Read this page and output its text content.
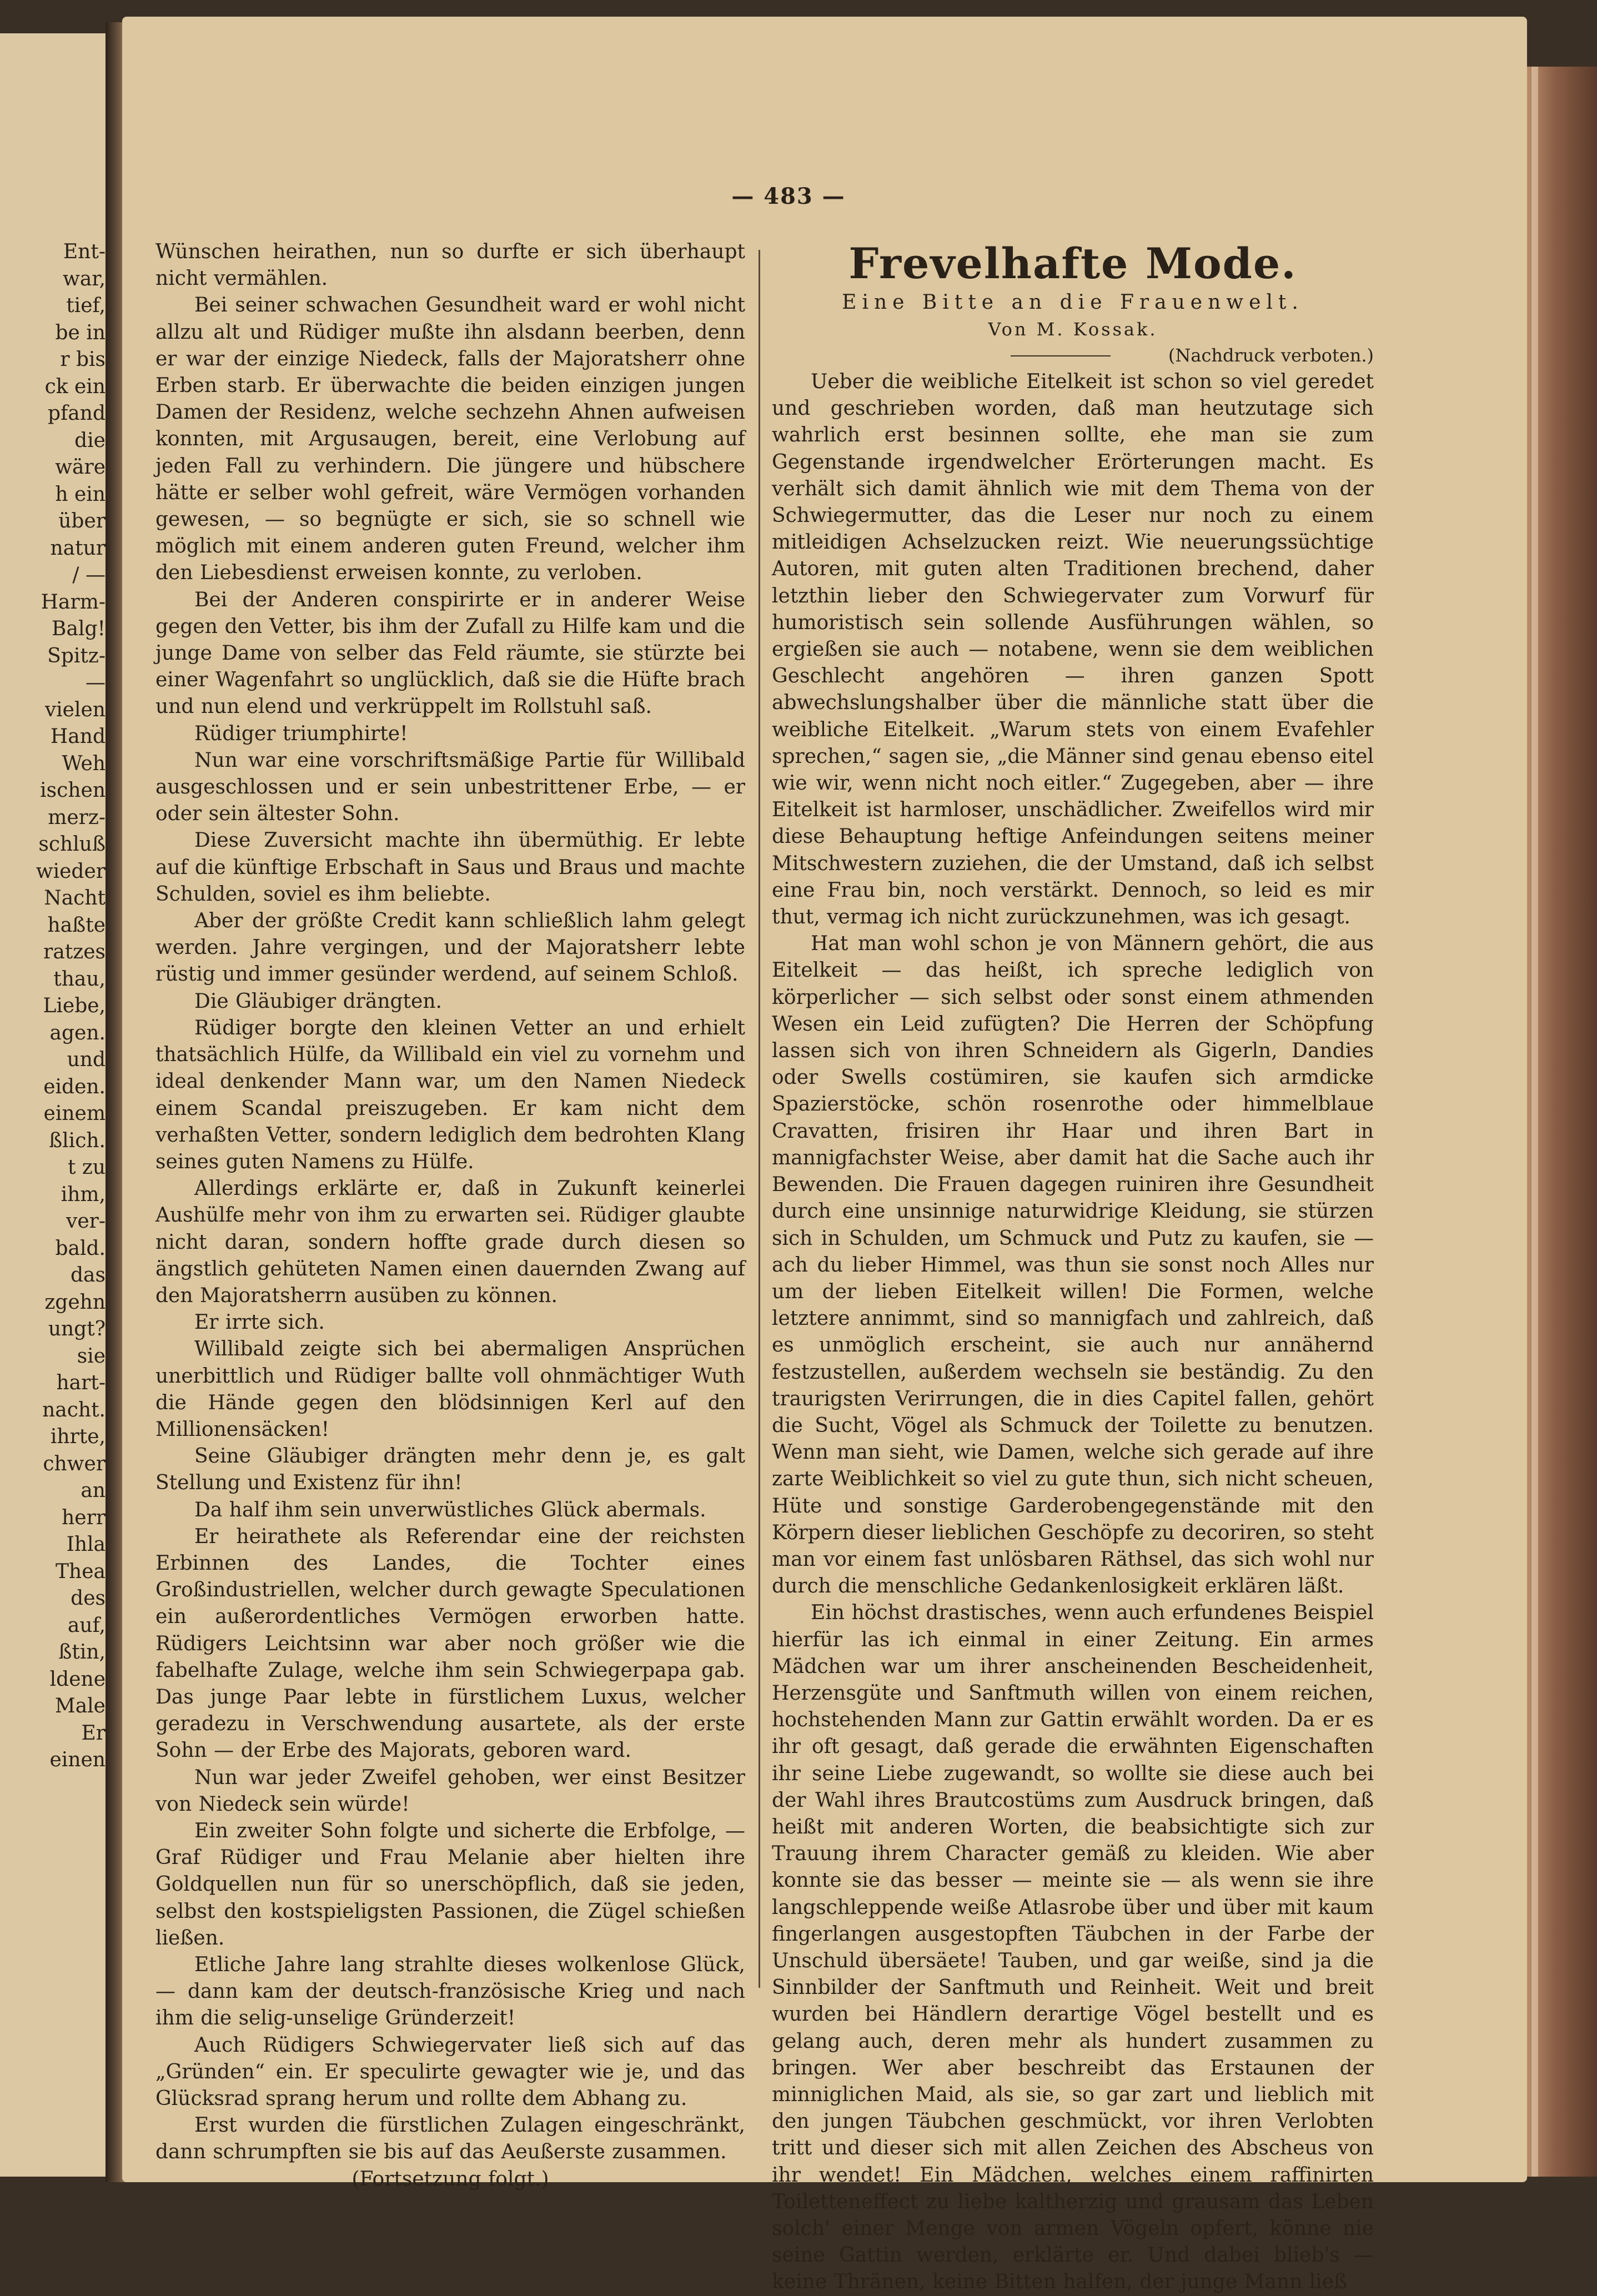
Ent-
war,
tief,
be in
r bis
ck ein
pfand
die
wäre
h ein
über
natur
/ —
Harm-
Balg!
Spitz-
—
vielen
Hand
Weh
ischen
merz-
schluß
wieder
Nacht
haßte
ratzes
thau,
Liebe,
agen.
und
eiden.
einem
ßlich.
t zu
ihm,
ver-
bald.
das
zgehn
ungt?
sie
hart-
nacht.
ihrte,
chwer
an
herr
Ihla
Thea
des
auf,
ßtin,
ldene
Male
Er
einen
— 483 —

Wünschen heirathen, nun so durfte er sich überhaupt nicht vermählen.

Bei seiner schwachen Gesundheit ward er wohl nicht allzu alt und Rüdiger mußte ihn alsdann beerben, denn er war der einzige Niedeck, falls der Majoratsherr ohne Erben starb. Er überwachte die beiden einzigen jungen Damen der Residenz, welche sechzehn Ahnen aufweisen konnten, mit Argusaugen, bereit, eine Verlobung auf jeden Fall zu verhindern. Die jüngere und hübschere hätte er selber wohl gefreit, wäre Vermögen vorhanden gewesen, — so begnügte er sich, sie so schnell wie möglich mit einem anderen guten Freund, welcher ihm den Liebesdienst erweisen konnte, zu verloben.

Bei der Anderen conspirirte er in anderer Weise gegen den Vetter, bis ihm der Zufall zu Hilfe kam und die junge Dame von selber das Feld räumte, sie stürzte bei einer Wagenfahrt so unglücklich, daß sie die Hüfte brach und nun elend und verkrüppelt im Rollstuhl saß.

Rüdiger triumphirte!

Nun war eine vorschriftsmäßige Partie für Willibald ausgeschlossen und er sein unbestrittener Erbe, — er oder sein ältester Sohn.

Diese Zuversicht machte ihn übermüthig. Er lebte auf die künftige Erbschaft in Saus und Braus und machte Schulden, soviel es ihm beliebte.

Aber der größte Credit kann schließlich lahm gelegt werden. Jahre vergingen, und der Majoratsherr lebte rüstig und immer gesünder werdend, auf seinem Schloß.

Die Gläubiger drängten.

Rüdiger borgte den kleinen Vetter an und erhielt thatsächlich Hülfe, da Willibald ein viel zu vornehm und ideal denkender Mann war, um den Namen Niedeck einem Scandal preiszugeben. Er kam nicht dem verhaßten Vetter, sondern lediglich dem bedrohten Klang seines guten Namens zu Hülfe.

Allerdings erklärte er, daß in Zukunft keinerlei Aushülfe mehr von ihm zu erwarten sei. Rüdiger glaubte nicht daran, sondern hoffte grade durch diesen so ängstlich gehüteten Namen einen dauernden Zwang auf den Majoratsherrn ausüben zu können.

Er irrte sich.

Willibald zeigte sich bei abermaligen Ansprüchen unerbittlich und Rüdiger ballte voll ohnmächtiger Wuth die Hände gegen den blödsinnigen Kerl auf den Millionensäcken!

Seine Gläubiger drängten mehr denn je, es galt Stellung und Existenz für ihn!

Da half ihm sein unverwüstliches Glück abermals.

Er heirathete als Referendar eine der reichsten Erbinnen des Landes, die Tochter eines Großindustriellen, welcher durch gewagte Speculationen ein außerordentliches Vermögen erworben hatte. Rüdigers Leichtsinn war aber noch größer wie die fabelhafte Zulage, welche ihm sein Schwiegerpapa gab. Das junge Paar lebte in fürstlichem Luxus, welcher geradezu in Verschwendung ausartete, als der erste Sohn — der Erbe des Majorats, geboren ward.

Nun war jeder Zweifel gehoben, wer einst Besitzer von Niedeck sein würde!

Ein zweiter Sohn folgte und sicherte die Erbfolge, — Graf Rüdiger und Frau Melanie aber hielten ihre Goldquellen nun für so unerschöpflich, daß sie jeden, selbst den kostspieligsten Passionen, die Zügel schießen ließen.

Etliche Jahre lang strahlte dieses wolkenlose Glück, — dann kam der deutsch-französische Krieg und nach ihm die selig-unselige Gründerzeit!

Auch Rüdigers Schwiegervater ließ sich auf das „Gründen“ ein. Er speculirte gewagter wie je, und das Glücksrad sprang herum und rollte dem Abhang zu.

Erst wurden die fürstlichen Zulagen eingeschränkt, dann schrumpften sie bis auf das Aeußerste zusammen.

(Fortsetzung folgt.)

Frevelhafte Mode.
Eine Bitte an die Frauenwelt.
Von M. Kossak.
(Nachdruck verboten.)

Ueber die weibliche Eitelkeit ist schon so viel geredet und geschrieben worden, daß man heutzutage sich wahrlich erst besinnen sollte, ehe man sie zum Gegenstande irgendwelcher Erörterungen macht. Es verhält sich damit ähnlich wie mit dem Thema von der Schwiegermutter, das die Leser nur noch zu einem mitleidigen Achselzucken reizt. Wie neuerungssüchtige Autoren, mit guten alten Traditionen brechend, daher letzthin lieber den Schwiegervater zum Vorwurf für humoristisch sein sollende Ausführungen wählen, so ergießen sie auch — notabene, wenn sie dem weiblichen Geschlecht angehören — ihren ganzen Spott abwechslungshalber über die männliche statt über die weibliche Eitelkeit. „Warum stets von einem Evafehler sprechen,“ sagen sie, „die Männer sind genau ebenso eitel wie wir, wenn nicht noch eitler.“ Zugegeben, aber — ihre Eitelkeit ist harmloser, unschädlicher. Zweifellos wird mir diese Behauptung heftige Anfeindungen seitens meiner Mitschwestern zuziehen, die der Umstand, daß ich selbst eine Frau bin, noch verstärkt. Dennoch, so leid es mir thut, vermag ich nicht zurückzunehmen, was ich gesagt.

Hat man wohl schon je von Männern gehört, die aus Eitelkeit — das heißt, ich spreche lediglich von körperlicher — sich selbst oder sonst einem athmenden Wesen ein Leid zufügten? Die Herren der Schöpfung lassen sich von ihren Schneidern als Gigerln, Dandies oder Swells costümiren, sie kaufen sich armdicke Spazierstöcke, schön rosenrothe oder himmelblaue Cravatten, frisiren ihr Haar und ihren Bart in mannigfachster Weise, aber damit hat die Sache auch ihr Bewenden. Die Frauen dagegen ruiniren ihre Gesundheit durch eine unsinnige naturwidrige Kleidung, sie stürzen sich in Schulden, um Schmuck und Putz zu kaufen, sie — ach du lieber Himmel, was thun sie sonst noch Alles nur um der lieben Eitelkeit willen! Die Formen, welche letztere annimmt, sind so mannigfach und zahlreich, daß es unmöglich erscheint, sie auch nur annähernd festzustellen, außerdem wechseln sie beständig. Zu den traurigsten Verirrungen, die in dies Capitel fallen, gehört die Sucht, Vögel als Schmuck der Toilette zu benutzen. Wenn man sieht, wie Damen, welche sich gerade auf ihre zarte Weiblichkeit so viel zu gute thun, sich nicht scheuen, Hüte und sonstige Garderobengegenstände mit den Körpern dieser lieblichen Geschöpfe zu decoriren, so steht man vor einem fast unlösbaren Räthsel, das sich wohl nur durch die menschliche Gedankenlosigkeit erklären läßt.

Ein höchst drastisches, wenn auch erfundenes Beispiel hierfür las ich einmal in einer Zeitung. Ein armes Mädchen war um ihrer anscheinenden Bescheidenheit, Herzensgüte und Sanftmuth willen von einem reichen, hochstehenden Mann zur Gattin erwählt worden. Da er es ihr oft gesagt, daß gerade die erwähnten Eigenschaften ihr seine Liebe zugewandt, so wollte sie diese auch bei der Wahl ihres Brautcostüms zum Ausdruck bringen, daß heißt mit anderen Worten, die beabsichtigte sich zur Trauung ihrem Character gemäß zu kleiden. Wie aber konnte sie das besser — meinte sie — als wenn sie ihre langschleppende weiße Atlasrobe über und über mit kaum fingerlangen ausgestopften Täubchen in der Farbe der Unschuld übersäete! Tauben, und gar weiße, sind ja die Sinnbilder der Sanftmuth und Reinheit. Weit und breit wurden bei Händlern derartige Vögel bestellt und es gelang auch, deren mehr als hundert zusammen zu bringen. Wer aber beschreibt das Erstaunen der minniglichen Maid, als sie, so gar zart und lieblich mit den jungen Täubchen geschmückt, vor ihren Verlobten tritt und dieser sich mit allen Zeichen des Abscheus von ihr wendet! Ein Mädchen, welches einem raffinirten Toiletteneffect zu liebe kaltherzig und grausam das Leben solch' einer Menge von armen Vögeln opfert, könne nie seine Gattin werden, erklärte er. Und dabei blieb's — keine Thränen, keine Bitten halfen, der junge Mann ließ
